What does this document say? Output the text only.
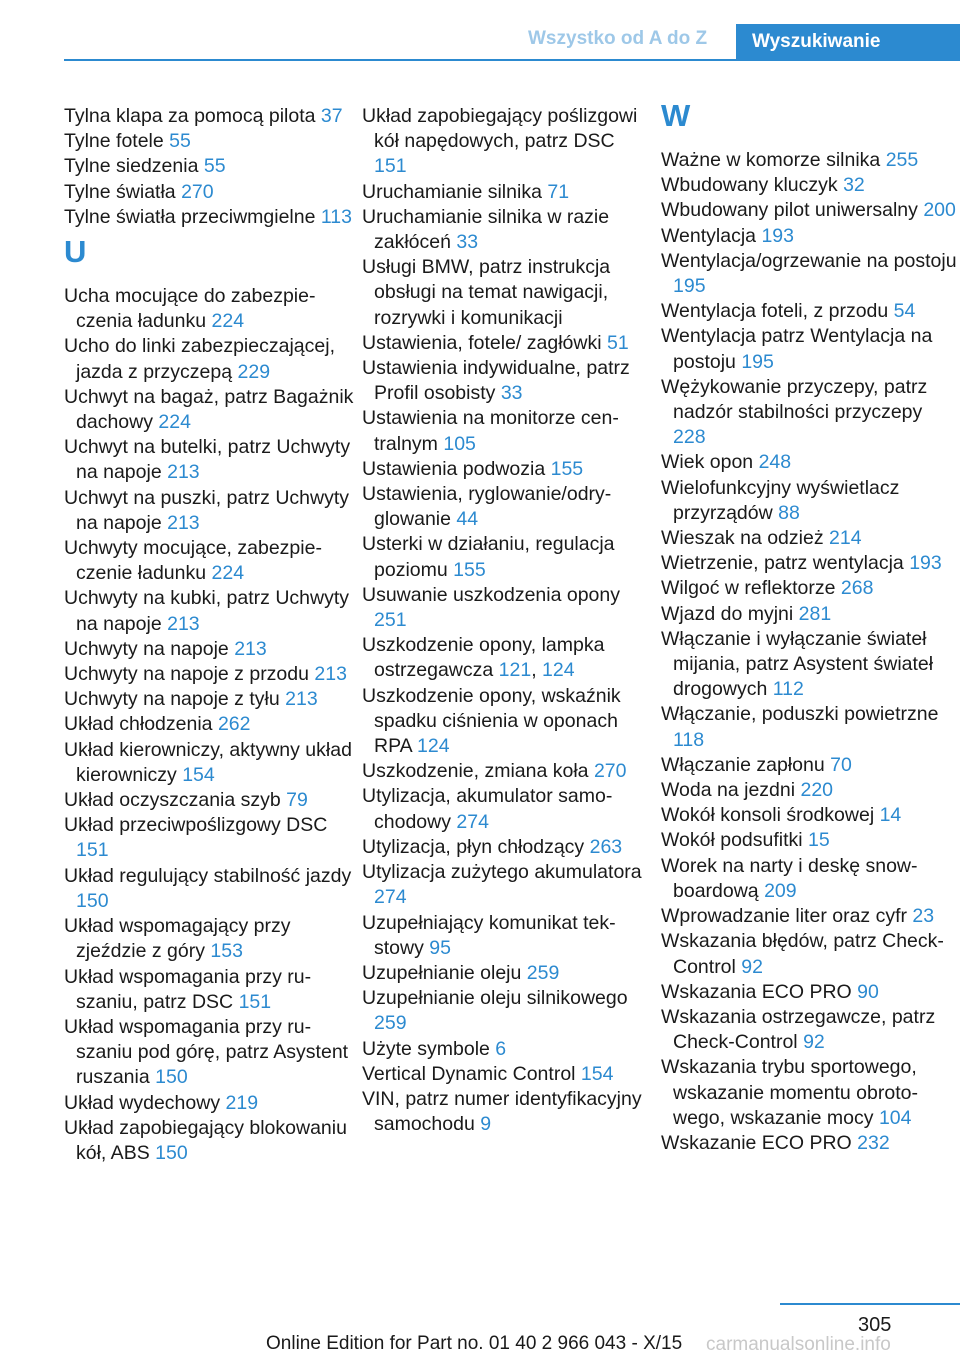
Wszystko od A do Z	Wyszukiwanie
Tylna klapa za pomocą pilota 37
Tylne fotele 55
Tylne siedzenia 55
Tylne światła 270
Tylne światła przeciwmgielne 113
U
Ucha mocujące do zabezpieczenia ładunku 224
Ucho do linki zabezpieczającej, jazda z przyczepą 229
Uchwyt na bagaż, patrz Bagażnik dachowy 224
Uchwyt na butelki, patrz Uchwyty na napoje 213
Uchwyt na puszki, patrz Uchwyty na napoje 213
Uchwyty mocujące, zabezpieczenie ładunku 224
Uchwyty na kubki, patrz Uchwyty na napoje 213
Uchwyty na napoje 213
Uchwyty na napoje z przodu 213
Uchwyty na napoje z tyłu 213
Układ chłodzenia 262
Układ kierowniczy, aktywny układ kierowniczy 154
Układ oczyszczania szyb 79
Układ przeciwpoślizgowy DSC 151
Układ regulujący stabilność jazdy 150
Układ wspomagający przy zjeździe z góry 153
Układ wspomagania przy ruszaniu, patrz DSC 151
Układ wspomagania przy ruszaniu pod górę, patrz Asystent ruszania 150
Układ wydechowy 219
Układ zapobiegający blokowaniu kół, ABS 150
Układ zapobiegający poślizgowi kół napędowych, patrz DSC 151
Uruchamianie silnika 71
Uruchamianie silnika w razie zakłóceń 33
Usługi BMW, patrz instrukcja obsługi na temat nawigacji, rozrywki i komunikacji
Ustawienia, fotele/ zagłówki 51
Ustawienia indywidualne, patrz Profil osobisty 33
Ustawienia na monitorze centralnym 105
Ustawienia podwozia 155
Ustawienia, ryglowanie/odryglowanie 44
Usterki w działaniu, regulacja poziomu 155
Usuwanie uszkodzenia opony 251
Uszkodzenie opony, lampka ostrzegawcza 121, 124
Uszkodzenie opony, wskaźnik spadku ciśnienia w oponach RPA 124
Uszkodzenie, zmiana koła 270
Utylizacja, akumulator samochodowy 274
Utylizacja, płyn chłodzący 263
Utylizacja zużytego akumulatora 274
Uzupełniający komunikat tekstowy 95
Uzupełnianie oleju 259
Uzupełnianie oleju silnikowego 259
Użyte symbole 6
Vertical Dynamic Control 154
VIN, patrz numer identyfikacyjny samochodu 9
W
Ważne w komorze silnika 255
Wbudowany kluczyk 32
Wbudowany pilot uniwersalny 200
Wentylacja 193
Wentylacja/ogrzewanie na postoju 195
Wentylacja foteli, z przodu 54
Wentylacja patrz Wentylacja na postoju 195
Wężykowanie przyczepy, patrz nadzór stabilności przyczepy 228
Wiek opon 248
Wielofunkcyjny wyświetlacz przyrządów 88
Wieszak na odzież 214
Wietrzenie, patrz wentylacja 193
Wilgoć w reflektorze 268
Wjazd do myjni 281
Włączanie i wyłączanie świateł mijania, patrz Asystent świateł drogowych 112
Włączanie, poduszki powietrzne 118
Włączanie zapłonu 70
Woda na jezdni 220
Wokół konsoli środkowej 14
Wokół podsufitki 15
Worek na narty i deskę snowboardową 209
Wprowadzanie liter oraz cyfr 23
Wskazania błędów, patrz Check-Control 92
Wskazania ECO PRO 90
Wskazania ostrzegawcze, patrz Check-Control 92
Wskazania trybu sportowego, wskazanie momentu obrotowego, wskazanie mocy 104
Wskazanie ECO PRO 232
305
Online Edition for Part no. 01 40 2 966 043 - X/15 carmanualsonline.info
